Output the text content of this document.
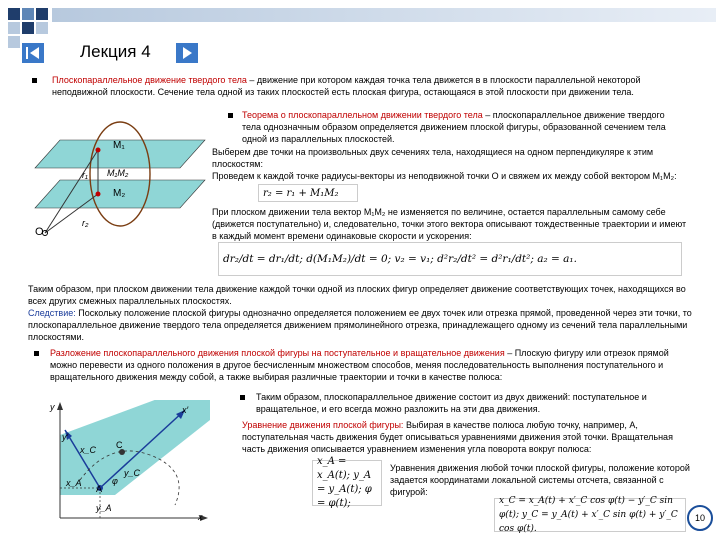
Лекция 4
Плоскопараллельное движение твердого тела – движение при котором каждая точка тела движется в в плоскости параллельной некоторой неподвижной плоскости. Сечение тела одной из таких плоскостей есть плоская фигура, остающаяся в этой плоскости при движении тела.
M₁
r₁ M₁M₂
M₂
r₂
O
Теорема о плоскопараллельном движении твердого тела – плоскопараллельное движение твердого тела однозначным образом определяется движением плоской фигуры, образованной сечением тела одной из параллельных плоскостей.
Выберем две точки на произвольных двух сечениях тела, находящиеся на одном перпендикуляре к этим плоскостям:
Проведем к каждой точке радиусы-векторы из неподвижной точки О и свяжем их между собой вектором М₁М₂:
r₂ = r₁ + M₁M₂
При плоском движении тела вектор М₁М₂ не изменяется по величине, остается параллельным самому себе (движется поступательно) и, следовательно, точки этого вектора описывают тождественные траектории и имеют в каждый момент времени одинаковые скорости и ускорения:
dr₂/dt = dr₁/dt; d(M₁M₂)/dt = 0; v₂ = v₁; d²r₂/dt² = d²r₁/dt²; a₂ = a₁.
Таким образом, при плоском движении тела движение каждой точки одной из плоских фигур определяет движение соответствующих точек, находящихся во всех других смежных параллельных плоскостях.
Следствие: Поскольку положение плоской фигуры однозначно определяется положением ее двух точек или отрезка прямой, проведенной через эти точки, то плоскопараллельное движение твердого тела определяется движением прямолинейного отрезка, принадлежащего одному из сечений тела параллельными плоскостями.
Разложение плоскопараллельного движения плоской фигуры на поступательное и вращательное движения – Плоскую фигуру или отрезок прямой можно перевести из одного положения в другое бесчисленным множеством способов, меняя последовательность выполнения поступательного и вращательного движения между собой, а также выбирая различные траектории и точки в качестве полюса:
y
y′
x′
C
x_C
y_C
φ
x_A
A
y_A
x
Таким образом, плоскопараллельное движение состоит из двух движений: поступательное и вращательное, и его всегда можно разложить на эти два движения.
Уравнение движения плоской фигуры: Выбирая в качестве полюса любую точку, например, А, поступательная часть движения будет описываться уравнениями движения этой точки. Вращательная часть движения описывается уравнением изменения угла поворота вокруг полюса:
x_A = x_A(t); y_A = y_A(t); φ = φ(t);
Уравнения движения любой точки плоской фигуры, положение которой задается координатами локальной системы отсчета, связанной с фигурой:
x_C = x_A(t) + x′_C cos φ(t) − y′_C sin φ(t); y_C = y_A(t) + x′_C sin φ(t) + y′_C cos φ(t).
10
